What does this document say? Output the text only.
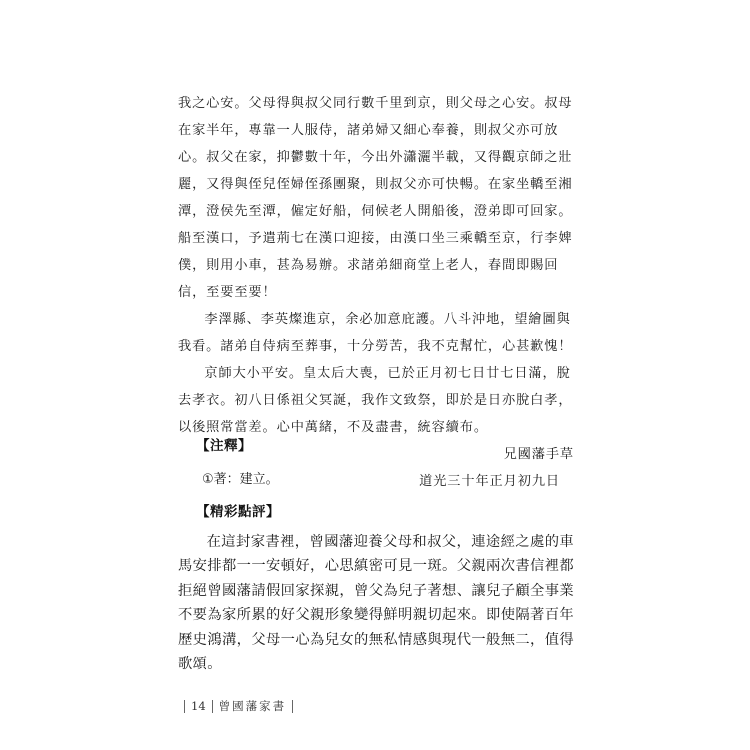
我之心安。父母得與叔父同行數千里到京，則父母之心安。叔母在家半年，專靠一人服侍，諸弟婦又細心奉養，則叔父亦可放心。叔父在家，抑鬱數十年，今出外瀟灑半載，又得觀京師之壯麗，又得與侄兒侄婦侄孫團聚，則叔父亦可快暢。在家坐轎至湘潭，澄侯先至潭，僱定好船，伺候老人開船後，澄弟即可回家。船至漢口，予遣荊七在漢口迎接，由漢口坐三乘轎至京，行李婢僕，則用小車，甚為易辦。求諸弟細商堂上老人，春間即賜回信，至要至要！

李澤縣、李英燦進京，余必加意庇護。八斗沖地，望繪圖與我看。諸弟自侍病至葬事，十分勞苦，我不克幫忙，心甚歉愧！

京師大小平安。皇太后大喪，已於正月初七日廿七日滿，脫去孝衣。初八日係祖父冥誕，我作文致祭，即於是日亦脫白孝，以後照常當差。心中萬緒，不及盡書，統容續布。

兄國藩手草

道光三十年正月初九日

【注釋】
①著：建立。
【精彩點評】
在這封家書裡，曾國藩迎養父母和叔父，連途經之處的車馬安排都一一安頓好，心思縝密可見一斑。父親兩次書信裡都拒絕曾國藩請假回家探親，曾父為兒子著想、讓兒子顧全事業不要為家所累的好父親形象變得鮮明親切起來。即使隔著百年歷史鴻溝，父母一心為兒女的無私情感與現代一般無二，值得歌頌。
14 曾國藩家書
